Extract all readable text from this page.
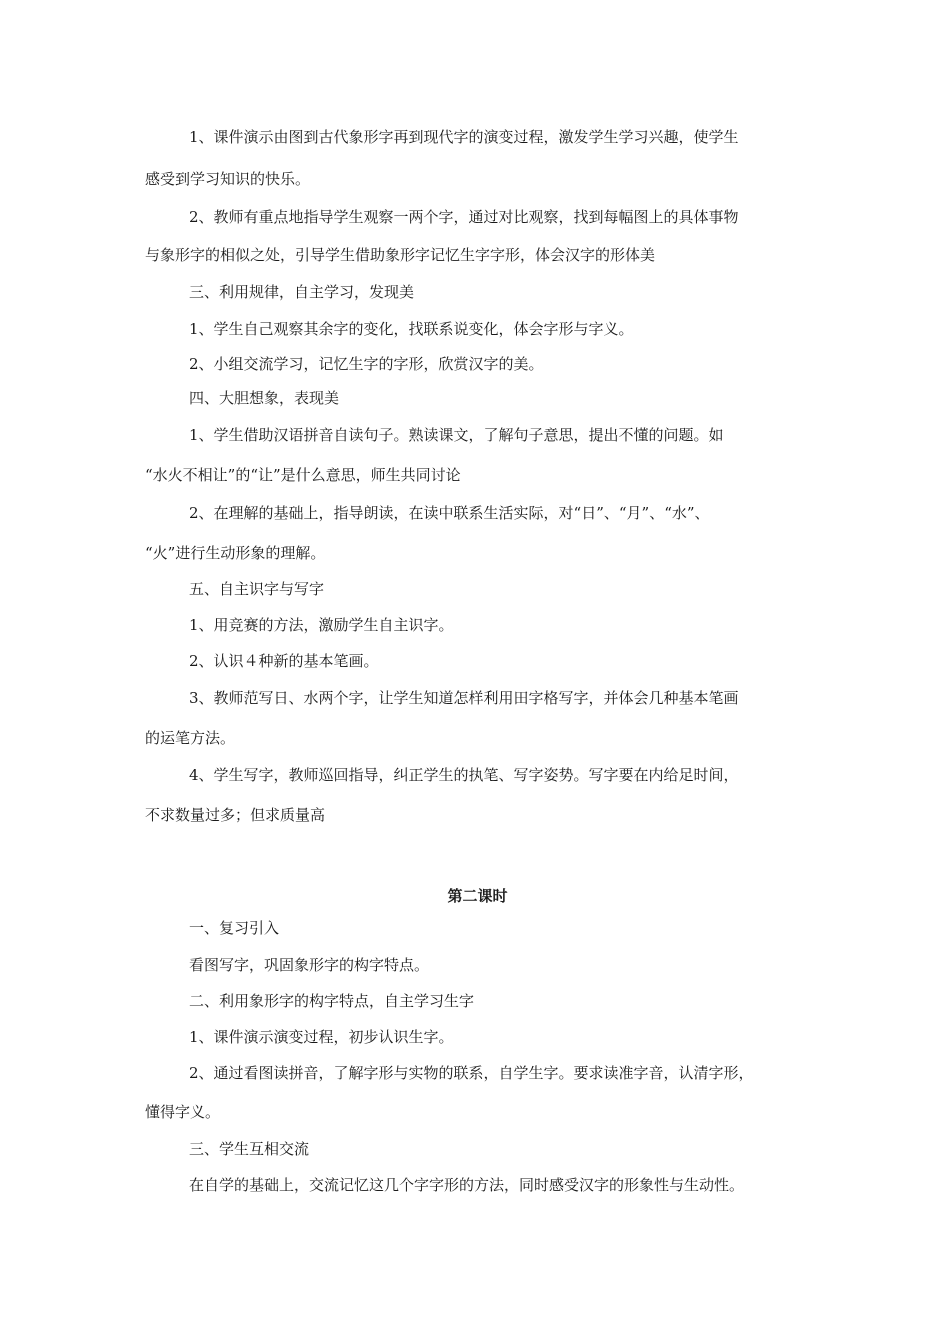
1、课件演示由图到古代象形字再到现代字的演变过程，激发学生学习兴趣，使学生
感受到学习知识的快乐。
2、教师有重点地指导学生观察一两个字，通过对比观察，找到每幅图上的具体事物
与象形字的相似之处，引导学生借助象形字记忆生字字形，体会汉字的形体美
三、利用规律，自主学习，发现美
1、学生自己观察其余字的变化，找联系说变化，体会字形与字义。
2、小组交流学习，记忆生字的字形，欣赏汉字的美。
四、大胆想象，表现美
1、学生借助汉语拼音自读句子。熟读课文，了解句子意思，提出不懂的问题。如
“水火不相让”的“让”是什么意思，师生共同讨论
2、在理解的基础上，指导朗读，在读中联系生活实际，对“日”、“月”、“水”、
“火”进行生动形象的理解。
五、自主识字与写字
1、用竞赛的方法，激励学生自主识字。
2、认识４种新的基本笔画。
3、教师范写日、水两个字，让学生知道怎样利用田字格写字，并体会几种基本笔画
的运笔方法。
4、学生写字，教师巡回指导，纠正学生的执笔、写字姿势。写字要在内给足时间，
不求数量过多；但求质量高
第二课时
一、复习引入
看图写字，巩固象形字的构字特点。
二、利用象形字的构字特点，自主学习生字
1、课件演示演变过程，初步认识生字。
2、通过看图读拼音，了解字形与实物的联系，自学生字。要求读准字音，认清字形，
懂得字义。
三、学生互相交流
在自学的基础上，交流记忆这几个字字形的方法，同时感受汉字的形象性与生动性。
